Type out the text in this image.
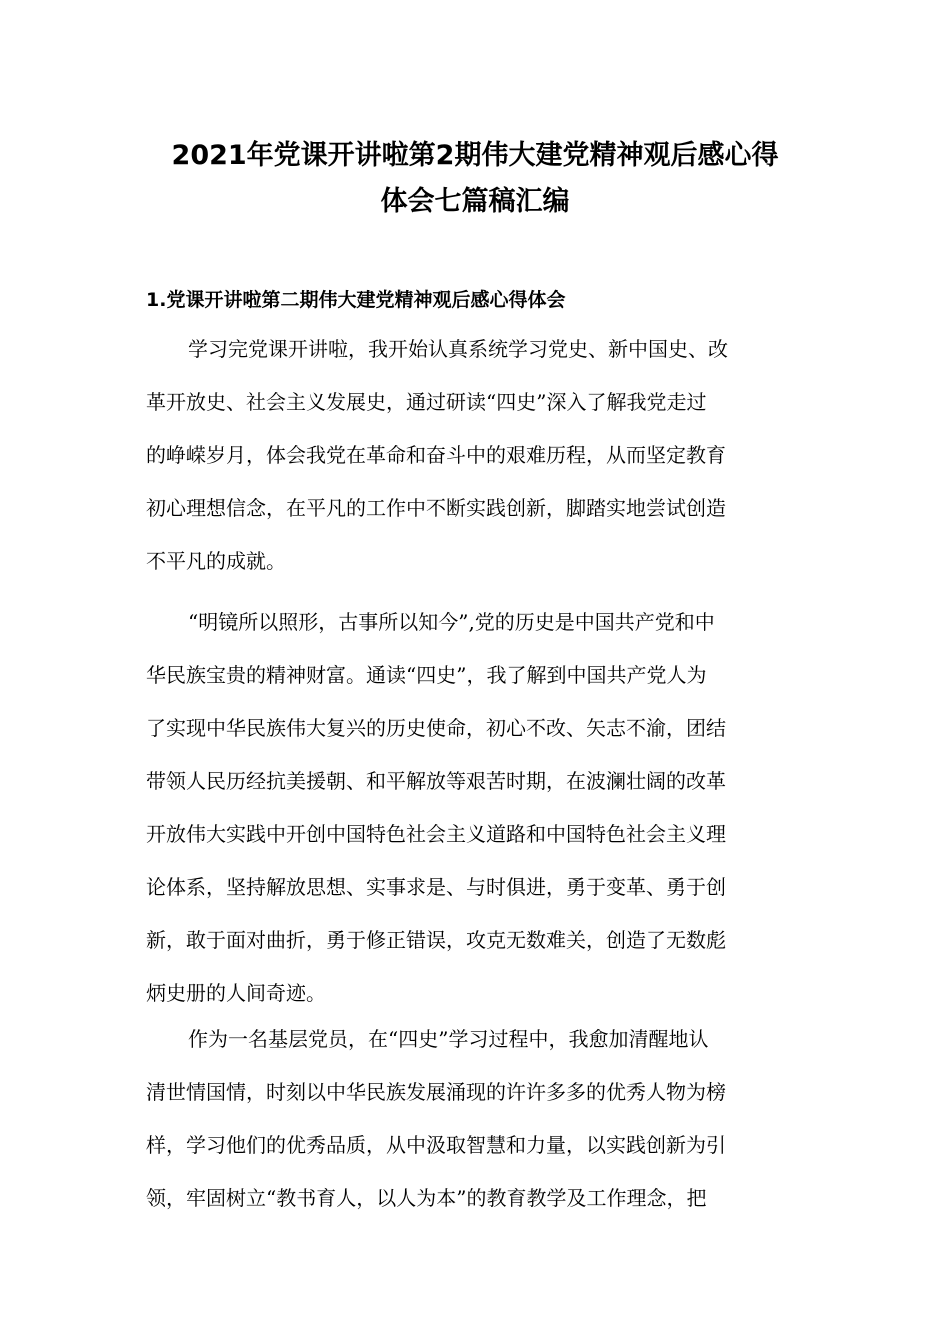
2021年党课开讲啦第2期伟大建党精神观后感心得
体会七篇稿汇编
1.党课开讲啦第二期伟大建党精神观后感心得体会
学习完党课开讲啦，我开始认真系统学习党史、新中国史、改
革开放史、社会主义发展史，通过研读“四史”深入了解我党走过
的峥嵘岁月，体会我党在革命和奋斗中的艰难历程，从而坚定教育
初心理想信念，在平凡的工作中不断实践创新，脚踏实地尝试创造
不平凡的成就。
“明镜所以照形，古事所以知今”,党的历史是中国共产党和中
华民族宝贵的精神财富。通读“四史”，我了解到中国共产党人为
了实现中华民族伟大复兴的历史使命，初心不改、矢志不渝，团结
带领人民历经抗美援朝、和平解放等艰苦时期，在波澜壮阔的改革
开放伟大实践中开创中国特色社会主义道路和中国特色社会主义理
论体系，坚持解放思想、实事求是、与时俱进，勇于变革、勇于创
新，敢于面对曲折，勇于修正错误，攻克无数难关，创造了无数彪
炳史册的人间奇迹。
作为一名基层党员，在“四史”学习过程中，我愈加清醒地认
清世情国情，时刻以中华民族发展涌现的许许多多的优秀人物为榜
样，学习他们的优秀品质，从中汲取智慧和力量，以实践创新为引
领，牢固树立“教书育人，以人为本”的教育教学及工作理念，把
